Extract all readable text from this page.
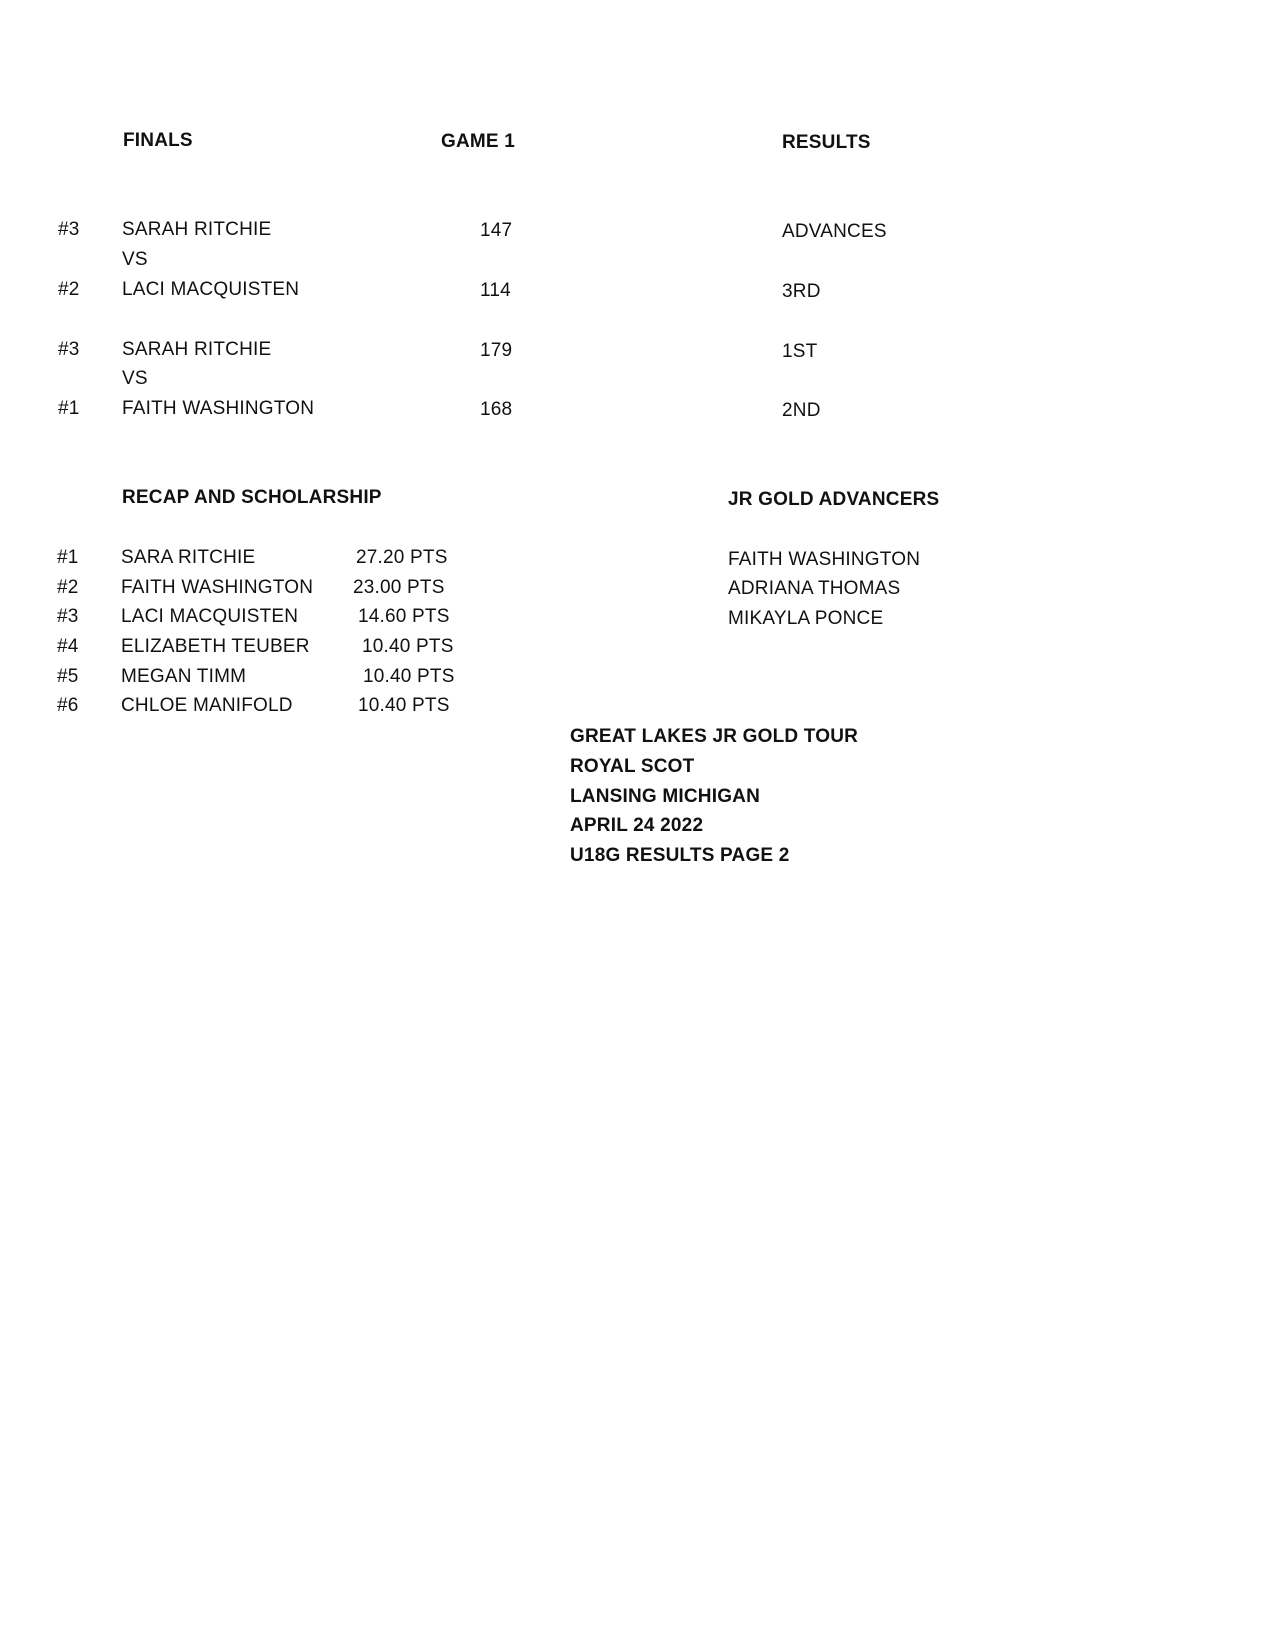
FINALS	GAME 1	RESULTS
#3 SARAH RITCHIE	147	ADVANCES
VS
#2 LACI MACQUISTEN	114	3RD
#3 SARAH RITCHIE	179	1ST
VS
#1 FAITH WASHINGTON	168	2ND
RECAP AND SCHOLARSHIP
#1 SARA RITCHIE	27.20 PTS
#2 FAITH WASHINGTON 23.00 PTS
#3 LACI MACQUISTEN	14.60 PTS
#4 ELIZABETH TEUBER	10.40 PTS
#5 MEGAN TIMM	10.40 PTS
#6 CHLOE MANIFOLD	10.40 PTS
JR GOLD ADVANCERS
FAITH WASHINGTON
ADRIANA THOMAS
MIKAYLA PONCE
GREAT LAKES JR GOLD TOUR
ROYAL SCOT
LANSING MICHIGAN
APRIL 24 2022
U18G RESULTS PAGE 2
